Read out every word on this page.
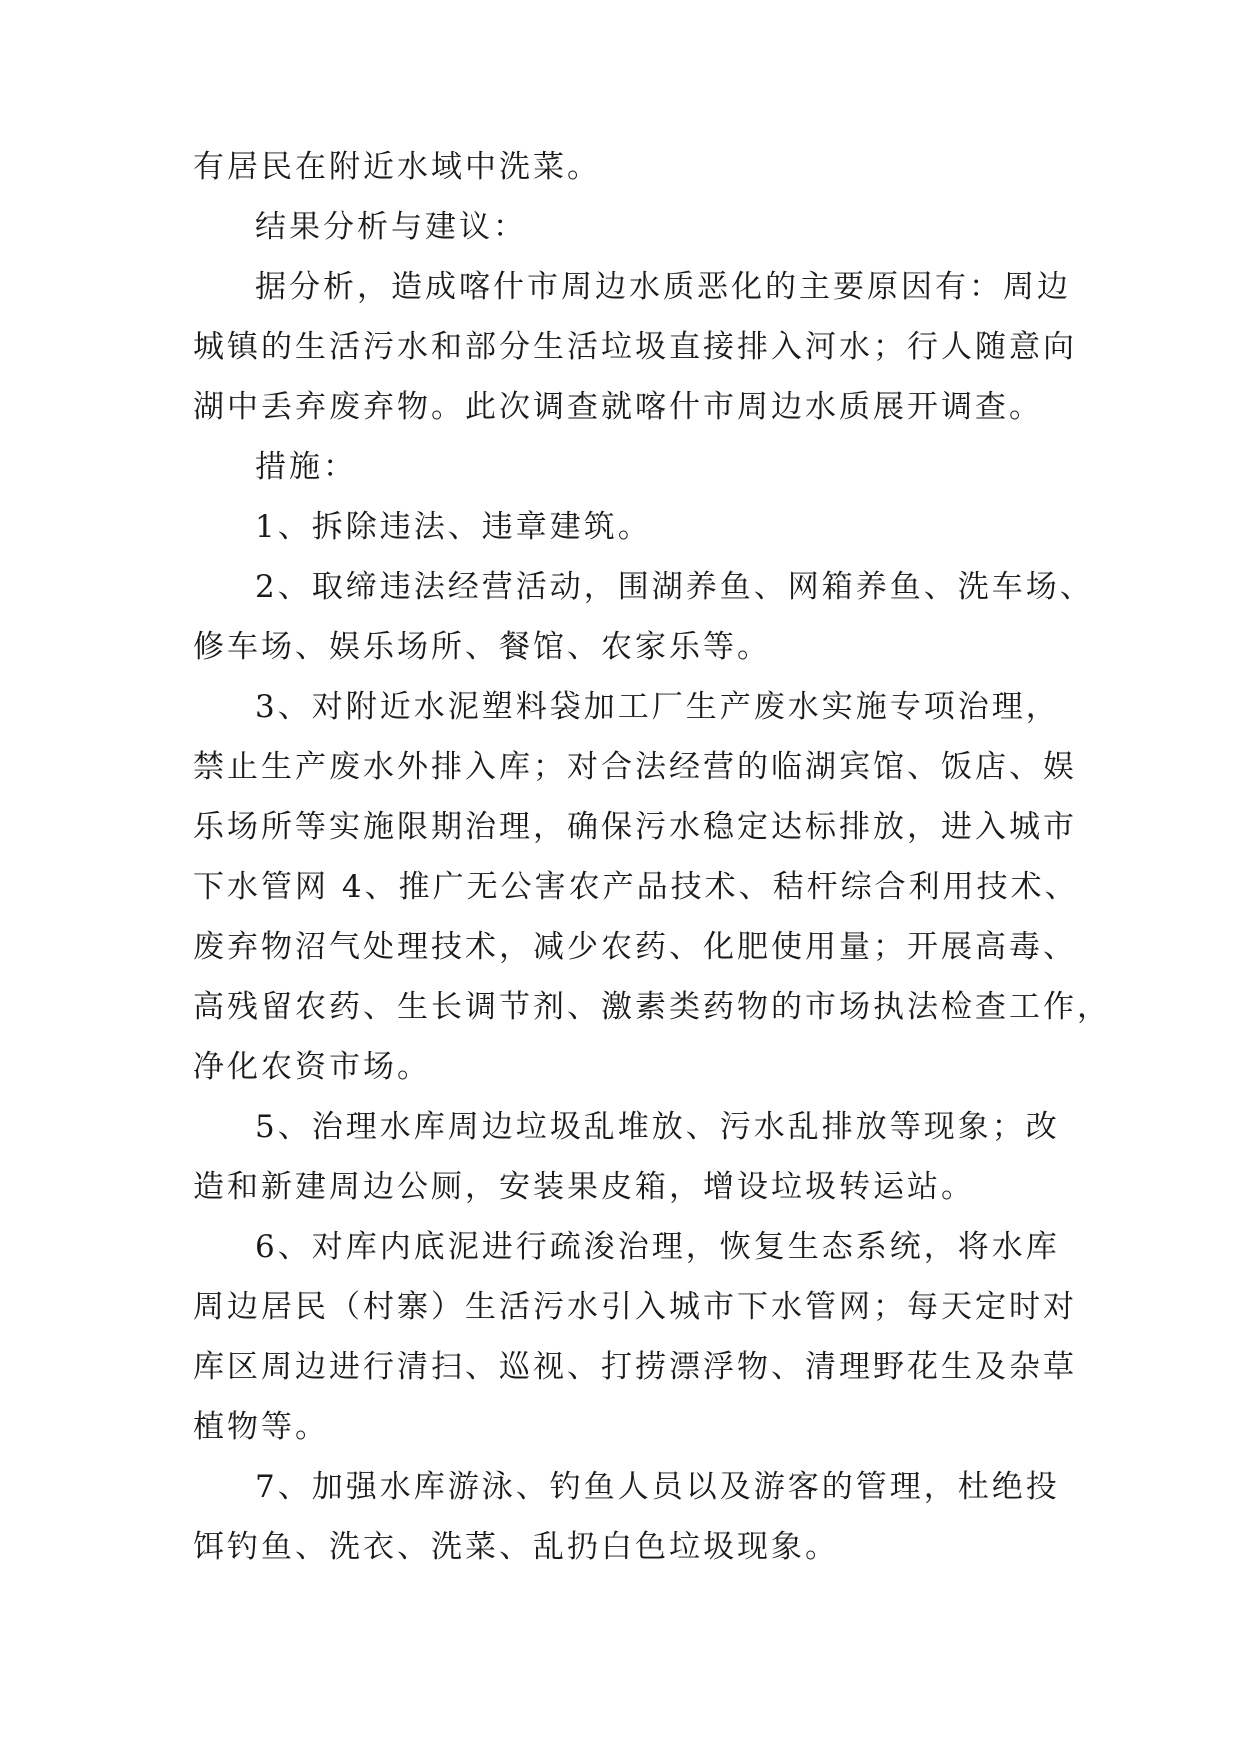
有居民在附近水域中洗菜。
结果分析与建议：
据分析，造成喀什市周边水质恶化的主要原因有：周边
城镇的生活污水和部分生活垃圾直接排入河水；行人随意向
湖中丢弃废弃物。此次调查就喀什市周边水质展开调查。
措施：
1、拆除违法、违章建筑。
2、取缔违法经营活动，围湖养鱼、网箱养鱼、洗车场、
修车场、娱乐场所、餐馆、农家乐等。
3、对附近水泥塑料袋加工厂生产废水实施专项治理，
禁止生产废水外排入库；对合法经营的临湖宾馆、饭店、娱
乐场所等实施限期治理，确保污水稳定达标排放，进入城市
下水管网 4、推广无公害农产品技术、秸杆综合利用技术、
废弃物沼气处理技术，减少农药、化肥使用量；开展高毒、
高残留农药、生长调节剂、激素类药物的市场执法检查工作，
净化农资市场。
5、治理水库周边垃圾乱堆放、污水乱排放等现象；改
造和新建周边公厕，安装果皮箱，增设垃圾转运站。
6、对库内底泥进行疏浚治理，恢复生态系统，将水库
周边居民（村寨）生活污水引入城市下水管网；每天定时对
库区周边进行清扫、巡视、打捞漂浮物、清理野花生及杂草
植物等。
7、加强水库游泳、钓鱼人员以及游客的管理，杜绝投
饵钓鱼、洗衣、洗菜、乱扔白色垃圾现象。
